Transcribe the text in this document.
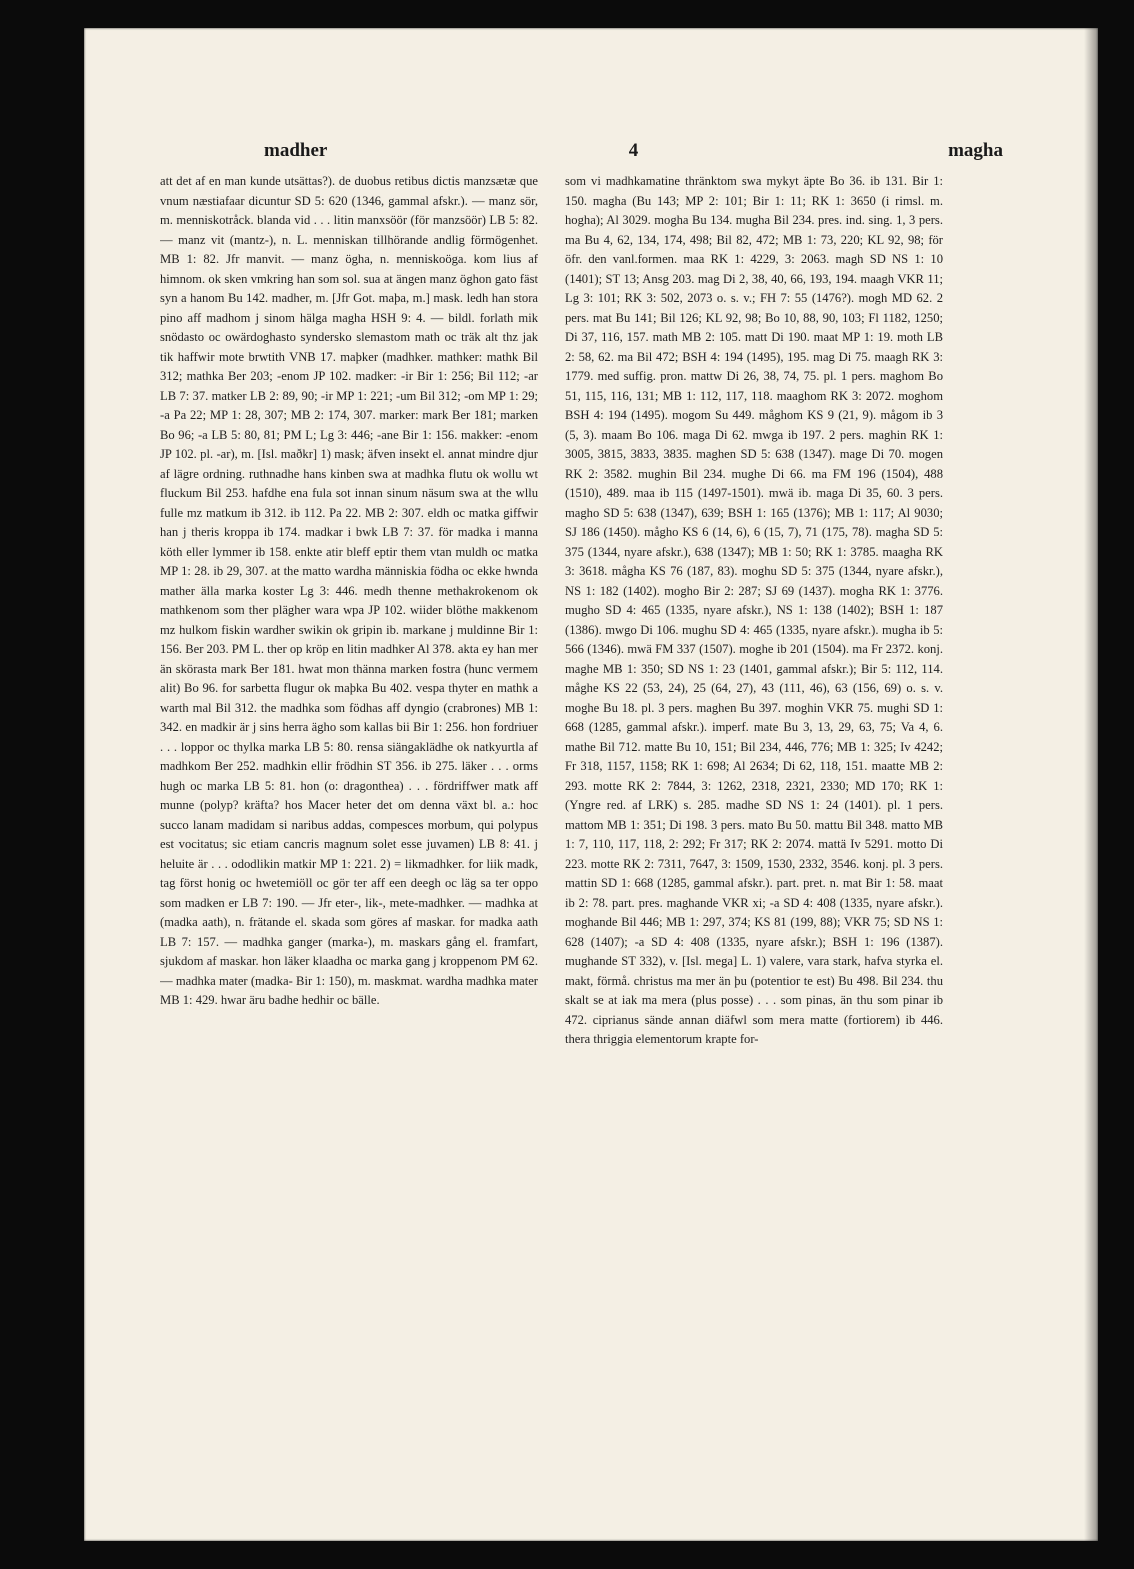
madher	4	magha

att det af en man kunde utsättas?). de duobus retibus dictis manzsætæ que vnum næstiafaar dicuntur SD 5: 620 (1346, gammal afskr.). — manz sör, m. menniskotråck. blanda vid . . . litin manxsöör (för manzsöör) LB 5: 82. — manz vit (mantz-), n. L. menniskan tillhörande andlig förmögenhet. MB 1: 82. Jfr manvit. — manz ögha, n. menniskoöga. kom lius af himnom. ok sken vmkring han som sol. sua at ängen manz öghon gato fäst syn a hanom Bu 142. madher, m. [Jfr Got. maþa, m.] mask. ledh han stora pino aff madhom j sinom hälga magha HSH 9: 4. — bildl. forlath mik snödasto oc owärdoghasto syndersko slemastom math oc träk alt thz jak tik haffwir mote brwtith VNB 17. maþker (madhker. mathker: mathk Bil 312; mathka Ber 203; -enom JP 102. madker: -ir Bir 1: 256; Bil 112; -ar LB 7: 37. matker LB 2: 89, 90; -ir MP 1: 221; -um Bil 312; -om MP 1: 29; -a Pa 22; MP 1: 28, 307; MB 2: 174, 307. marker: mark Ber 181; marken Bo 96; -a LB 5: 80, 81; PM L; Lg 3: 446; -ane Bir 1: 156. makker: -enom JP 102. pl. -ar), m. [Isl. maðkr] 1) mask; äfven insekt el. annat mindre djur af lägre ordning. ruthnadhe hans kinben swa at madhka flutu ok wollu wt fluckum Bil 253. hafdhe ena fula sot innan sinum näsum swa at the wllu fulle mz matkum ib 312. ib 112. Pa 22. MB 2: 307. eldh oc matka giffwir han j theris kroppa ib 174. madkar i bwk LB 7: 37. för madka i manna köth eller lymmer ib 158. enkte atir bleff eptir them vtan muldh oc matka MP 1: 28. ib 29, 307. at the matto wardha människia födha oc ekke hwnda mather älla marka koster Lg 3: 446. medh thenne methakrokenom ok mathkenom som ther plägher wara wpa JP 102. wiider blöthe makkenom mz hulkom fiskin wardher swikin ok gripin ib. markane j muldinne Bir 1: 156. Ber 203. PM L. ther op kröp en litin madhker Al 378. akta ey han mer än skörasta mark Ber 181. hwat mon thänna marken fostra (hunc vermem alit) Bo 96. for sarbetta flugur ok maþka Bu 402. vespa thyter en mathk a warth mal Bil 312. the madhka som födhas aff dyngio (crabrones) MB 1: 342. en madkir är j sins herra ägho som kallas bii Bir 1: 256. hon fordriuer . . . loppor oc thylka marka LB 5: 80. rensa siängaklädhe ok natkyurtla af madhkom Ber 252. madhkin ellir frödhin ST 356. ib 275. läker . . . orms hugh oc marka LB 5: 81. hon (o: dragonthea) . . . fördriffwer matk aff munne (polyp? kräfta? hos Macer heter det om denna växt bl. a.: hoc succo lanam madidam si naribus addas, compesces morbum, qui polypus est vocitatus; sic etiam cancris magnum solet esse juvamen) LB 8: 41. j heluite är . . . ododlikin matkir MP 1: 221. 2) = likmadhker. for liik madk, tag först honig oc hwetemiöll oc gör ter aff een deegh oc läg sa ter oppo som madken er LB 7: 190. — Jfr eter-, lik-, mete-madhker. — madhka at (madka aath), n. frätande el. skada som göres af maskar. for madka aath LB 7: 157. — madhka ganger (marka-), m. maskars gång el. framfart, sjukdom af maskar. hon läker klaadha oc marka gang j kroppenom PM 62. — madhka mater (madka- Bir 1: 150), m. maskmat. wardha madhka mater MB 1: 429. hwar äru badhe hedhir oc bälle.

som vi madhkamatine thränktom swa mykyt äpte Bo 36. ib 131. Bir 1: 150. magha (Bu 143; MP 2: 101; Bir 1: 11; RK 1: 3650 (i rimsl. m. hogha); Al 3029. mogha Bu 134. mugha Bil 234. pres. ind. sing. 1, 3 pers. ma Bu 4, 62, 134, 174, 498; Bil 82, 472; MB 1: 73, 220; KL 92, 98; för öfr. den vanl.formen. maa RK 1: 4229, 3: 2063. magh SD NS 1: 10 (1401); ST 13; Ansg 203. mag Di 2, 38, 40, 66, 193, 194. maagh VKR 11; Lg 3: 101; RK 3: 502, 2073 o. s. v.; FH 7: 55 (1476?). mogh MD 62. 2 pers. mat Bu 141; Bil 126; KL 92, 98; Bo 10, 88, 90, 103; Fl 1182, 1250; Di 37, 116, 157. math MB 2: 105. matt Di 190. maat MP 1: 19. moth LB 2: 58, 62. ma Bil 472; BSH 4: 194 (1495), 195. mag Di 75. maagh RK 3: 1779. med suffig. pron. mattw Di 26, 38, 74, 75. pl. 1 pers. maghom Bo 51, 115, 116, 131; MB 1: 112, 117, 118. maaghom RK 3: 2072. moghom BSH 4: 194 (1495). mogom Su 449. måghom KS 9 (21, 9). mågom ib 3 (5, 3). maam Bo 106. maga Di 62. mwga ib 197. 2 pers. maghin RK 1: 3005, 3815, 3833, 3835. maghen SD 5: 638 (1347). mage Di 70. mogen RK 2: 3582. mughin Bil 234. mughe Di 66. ma FM 196 (1504), 488 (1510), 489. maa ib 115 (1497-1501). mwä ib. maga Di 35, 60. 3 pers. magho SD 5: 638 (1347), 639; BSH 1: 165 (1376); MB 1: 117; Al 9030; SJ 186 (1450). mågho KS 6 (14, 6), 6 (15, 7), 71 (175, 78). magha SD 5: 375 (1344, nyare afskr.), 638 (1347); MB 1: 50; RK 1: 3785. maagha RK 3: 3618. mågha KS 76 (187, 83). moghu SD 5: 375 (1344, nyare afskr.), NS 1: 182 (1402). mogho Bir 2: 287; SJ 69 (1437). mogha RK 1: 3776. mugho SD 4: 465 (1335, nyare afskr.), NS 1: 138 (1402); BSH 1: 187 (1386). mwgo Di 106. mughu SD 4: 465 (1335, nyare afskr.). mugha ib 5: 566 (1346). mwä FM 337 (1507). moghe ib 201 (1504). ma Fr 2372. konj. maghe MB 1: 350; SD NS 1: 23 (1401, gammal afskr.); Bir 5: 112, 114. måghe KS 22 (53, 24), 25 (64, 27), 43 (111, 46), 63 (156, 69) o. s. v. moghe Bu 18. pl. 3 pers. maghen Bu 397. moghin VKR 75. mughi SD 1: 668 (1285, gammal afskr.). imperf. mate Bu 3, 13, 29, 63, 75; Va 4, 6. mathe Bil 712. matte Bu 10, 151; Bil 234, 446, 776; MB 1: 325; Iv 4242; Fr 318, 1157, 1158; RK 1: 698; Al 2634; Di 62, 118, 151. maatte MB 2: 293. motte RK 2: 7844, 3: 1262, 2318, 2321, 2330; MD 170; RK 1: (Yngre red. af LRK) s. 285. madhe SD NS 1: 24 (1401). pl. 1 pers. mattom MB 1: 351; Di 198. 3 pers. mato Bu 50. mattu Bil 348. matto MB 1: 7, 110, 117, 118, 2: 292; Fr 317; RK 2: 2074. mattä Iv 5291. motto Di 223. motte RK 2: 7311, 7647, 3: 1509, 1530, 2332, 3546. konj. pl. 3 pers. mattin SD 1: 668 (1285, gammal afskr.). part. pret. n. mat Bir 1: 58. maat ib 2: 78. part. pres. maghande VKR xi; -a SD 4: 408 (1335, nyare afskr.). moghande Bil 446; MB 1: 297, 374; KS 81 (199, 88); VKR 75; SD NS 1: 628 (1407); -a SD 4: 408 (1335, nyare afskr.); BSH 1: 196 (1387). mughande ST 332), v. [Isl. mega] L. 1) valere, vara stark, hafva styrka el. makt, förmå. christus ma mer än þu (potentior te est) Bu 498. Bil 234. thu skalt se at iak ma mera (plus posse) . . . som pinas, än thu som pinar ib 472. ciprianus sände annan diäfwl som mera matte (fortiorem) ib 446. thera thriggia elementorum krapte for-
